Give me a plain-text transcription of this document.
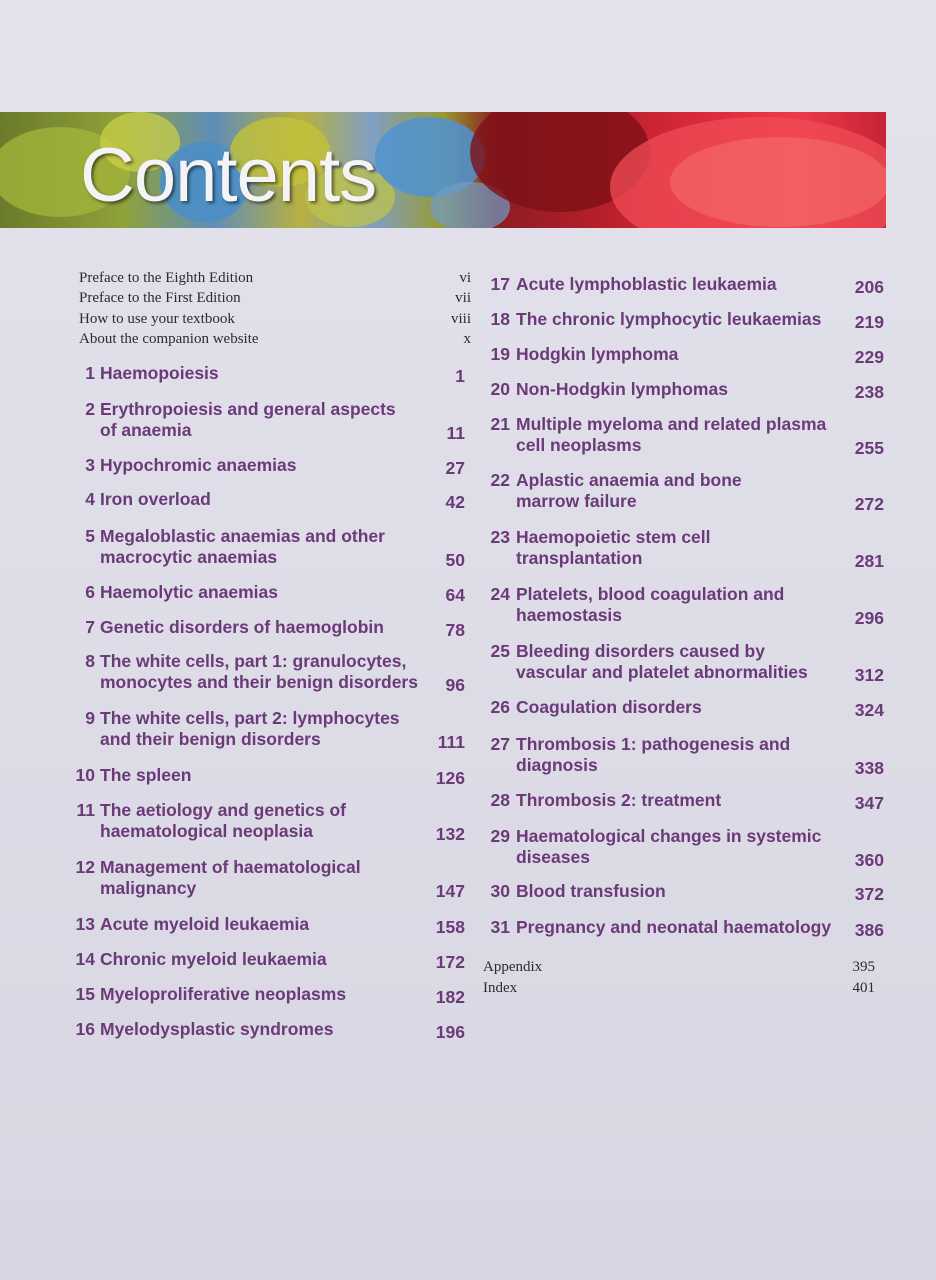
Contents
Preface to the Eighth Edition	vi
Preface to the First Edition	vii
How to use your textbook	viii
About the companion website	x
1 Haemopoiesis	1
2 Erythropoiesis and general aspects
of anaemia	11
3 Hypochromic anaemias	27
4 Iron overload	42
5 Megaloblastic anaemias and other
macrocytic anaemias	50
6 Haemolytic anaemias	64
7 Genetic disorders of haemoglobin	78
8 The white cells, part 1: granulocytes,
monocytes and their benign disorders 96
9 The white cells, part 2: lymphocytes
and their benign disorders	111
10 The spleen	126
11 The aetiology and genetics of
haematological neoplasia	132
12 Management of haematological
malignancy	147
13 Acute myeloid leukaemia	158
14 Chronic myeloid leukaemia	172
15 Myeloproliferative neoplasms	182
16 Myelodysplastic syndromes	196
17 Acute lymphoblastic leukaemia	206
18 The chronic lymphocytic leukaemias 219
19 Hodgkin lymphoma	229
20 Non-Hodgkin lymphomas	238
21 Multiple myeloma and related plasma
cell neoplasms	255
22 Aplastic anaemia and bone
marrow failure	272
23 Haemopoietic stem cell
transplantation	281
24 Platelets, blood coagulation and
haemostasis	296
25 Bleeding disorders caused by
vascular and platelet abnormalities	312
26 Coagulation disorders	324
27 Thrombosis 1: pathogenesis and
diagnosis	338
28 Thrombosis 2: treatment	347
29 Haematological changes in systemic
diseases	360
30 Blood transfusion	372
31 Pregnancy and neonatal haematology 386
Appendix	395
Index	401
